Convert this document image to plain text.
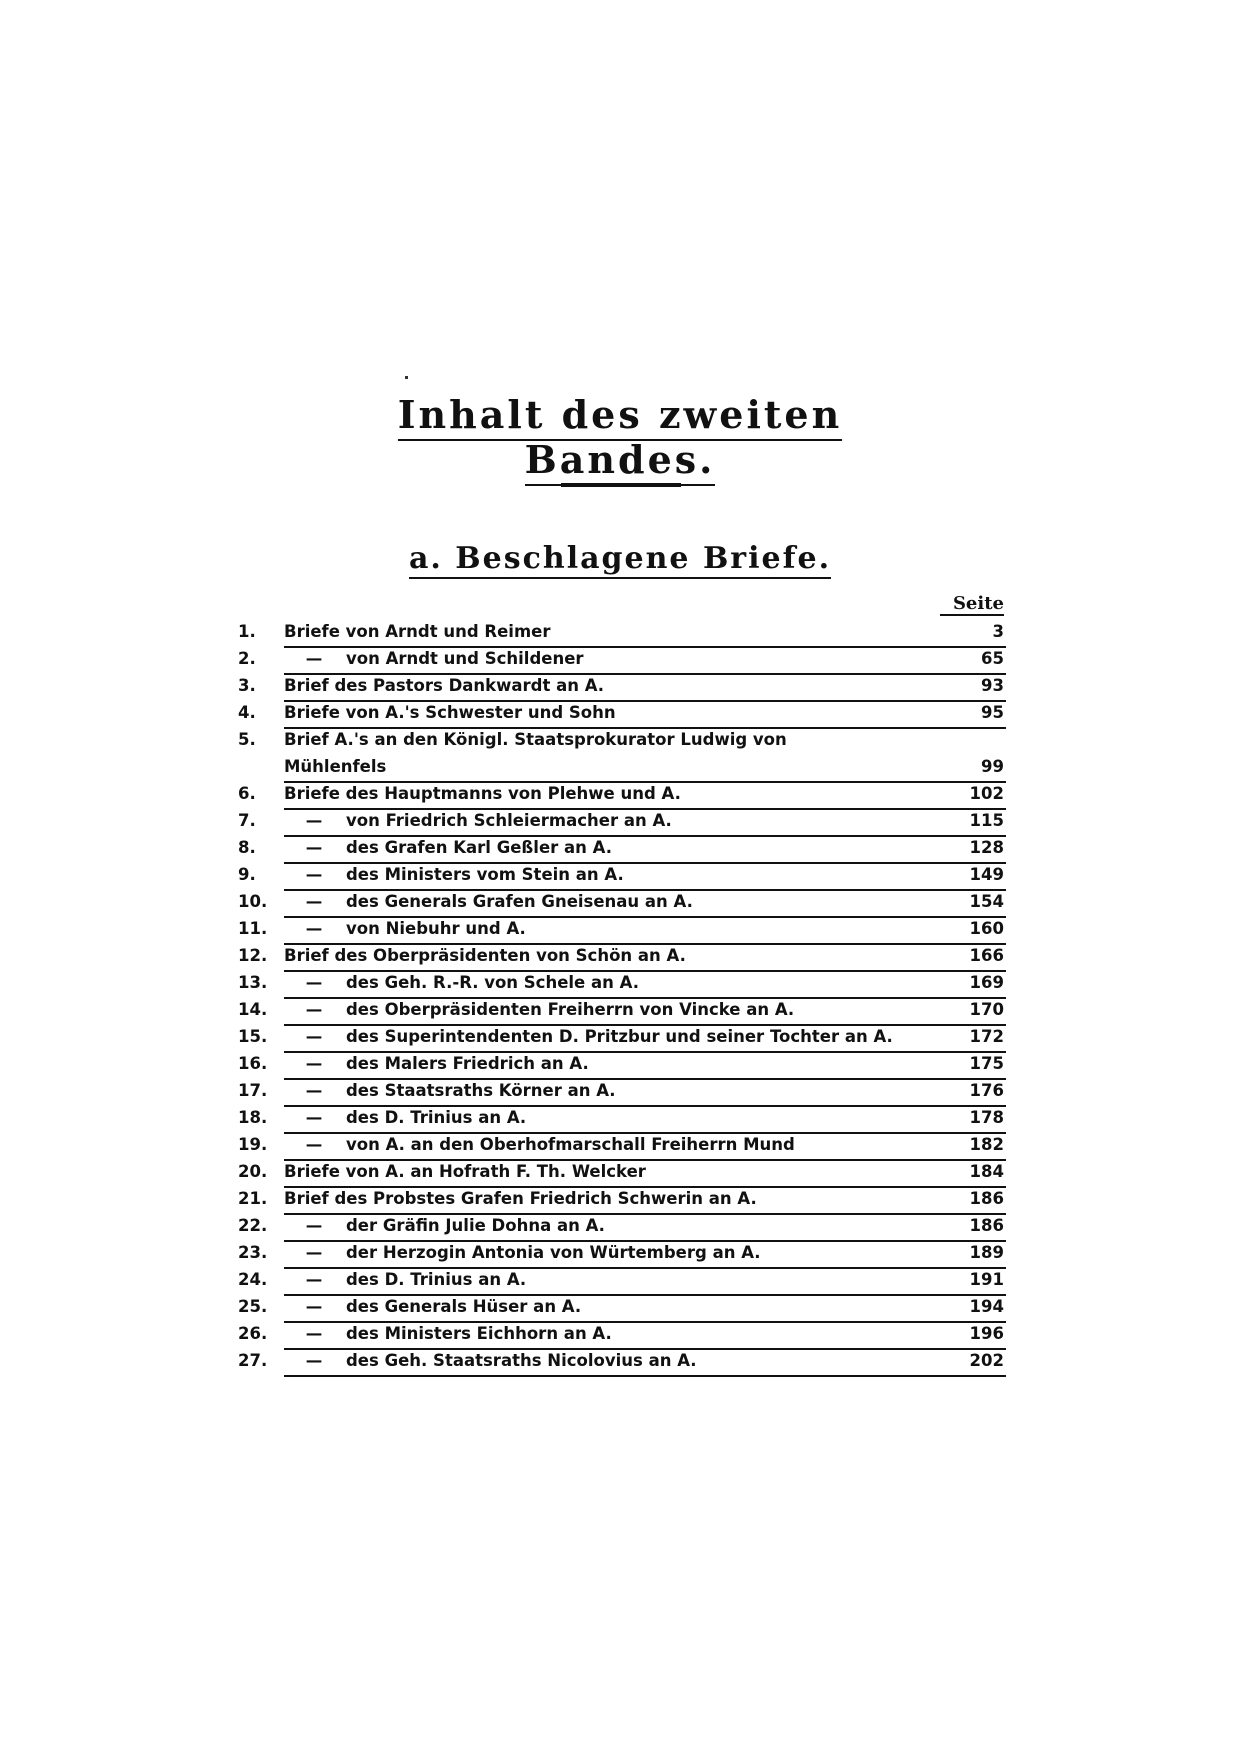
Inhalt des zweiten Bandes.
a. Beschlagene Briefe.
Seite
1.	Briefe von Arndt und Reimer	3
2.	— von Arndt und Schildener	65
3.	Brief des Pastors Dankwardt an A.	93
4.	Briefe von A.'s Schwester und Sohn	95
5.	Brief A.'s an den Königl. Staatsprokurator Ludwig von
Mühlenfels	99
6.	Briefe des Hauptmanns von Plehwe und A.	102
7.	— von Friedrich Schleiermacher an A.	115
8.	— des Grafen Karl Geßler an A.	128
9.	— des Ministers vom Stein an A.	149
10.	— des Generals Grafen Gneisenau an A.	154
11.	— von Niebuhr und A.	160
12.	Brief des Oberpräsidenten von Schön an A.	166
13.	— des Geh. R.-R. von Schele an A.	169
14.	— des Oberpräsidenten Freiherrn von Vincke an A.	170
15.	— des Superintendenten D. Pritzbur und seiner Tochter an A.	172
16.	— des Malers Friedrich an A.	175
17.	— des Staatsraths Körner an A.	176
18.	— des D. Trinius an A.	178
19.	— von A. an den Oberhofmarschall Freiherrn Mund	182
20.	Briefe von A. an Hofrath F. Th. Welcker	184
21.	Brief des Probstes Grafen Friedrich Schwerin an A.	186
22.	— der Gräfin Julie Dohna an A.	186
23.	— der Herzogin Antonia von Würtemberg an A.	189
24.	— des D. Trinius an A.	191
25.	— des Generals Hüser an A.	194
26.	— des Ministers Eichhorn an A.	196
27.	— des Geh. Staatsraths Nicolovius an A.	202
